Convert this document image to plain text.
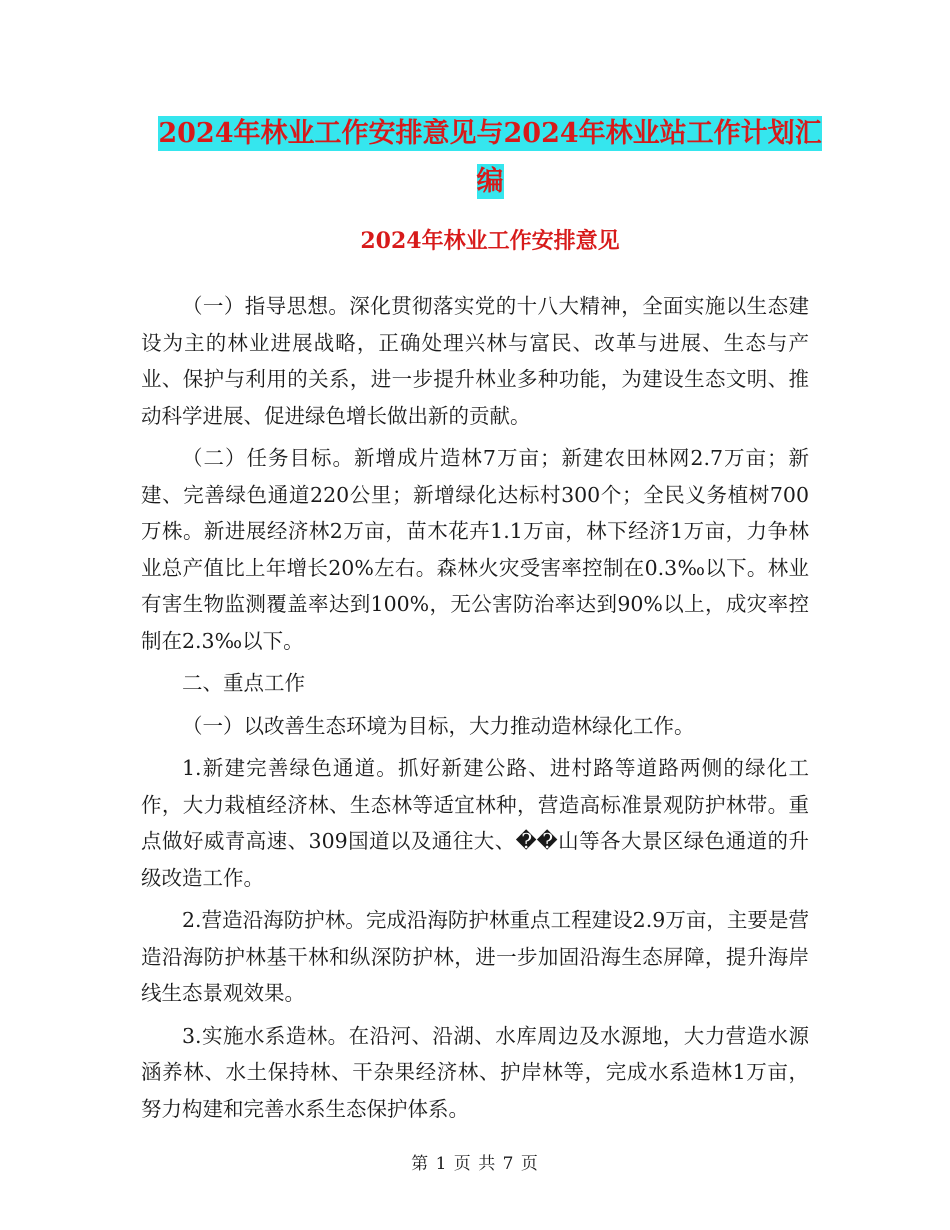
2024年林业工作安排意见与2024年林业站工作计划汇
编
2024年林业工作安排意见

（一）指导思想。深化贯彻落实党的十八大精神，全面实施以生态建设为主的林业进展战略，正确处理兴林与富民、改革与进展、生态与产业、保护与利用的关系，进一步提升林业多种功能，为建设生态文明、推动科学进展、促进绿色增长做出新的贡献。

（二）任务目标。新增成片造林7万亩；新建农田林网2.7万亩；新建、完善绿色通道220公里；新增绿化达标村300个；全民义务植树700万株。新进展经济林2万亩，苗木花卉1.1万亩，林下经济1万亩，力争林业总产值比上年增长20%左右。森林火灾受害率控制在0.3‰以下。林业有害生物监测覆盖率达到100%，无公害防治率达到90%以上，成灾率控制在2.3‰以下。

二、重点工作

（一）以改善生态环境为目标，大力推动造林绿化工作。

1.新建完善绿色通道。抓好新建公路、进村路等道路两侧的绿化工作，大力栽植经济林、生态林等适宜林种，营造高标准景观防护林带。重点做好威青高速、309国道以及通往大、��山等各大景区绿色通道的升级改造工作。

2.营造沿海防护林。完成沿海防护林重点工程建设2.9万亩，主要是营造沿海防护林基干林和纵深防护林，进一步加固沿海生态屏障，提升海岸线生态景观效果。

3.实施水系造林。在沿河、沿湖、水库周边及水源地，大力营造水源涵养林、水土保持林、干杂果经济林、护岸林等，完成水系造林1万亩，努力构建和完善水系生态保护体系。

第 1 页 共 7 页
